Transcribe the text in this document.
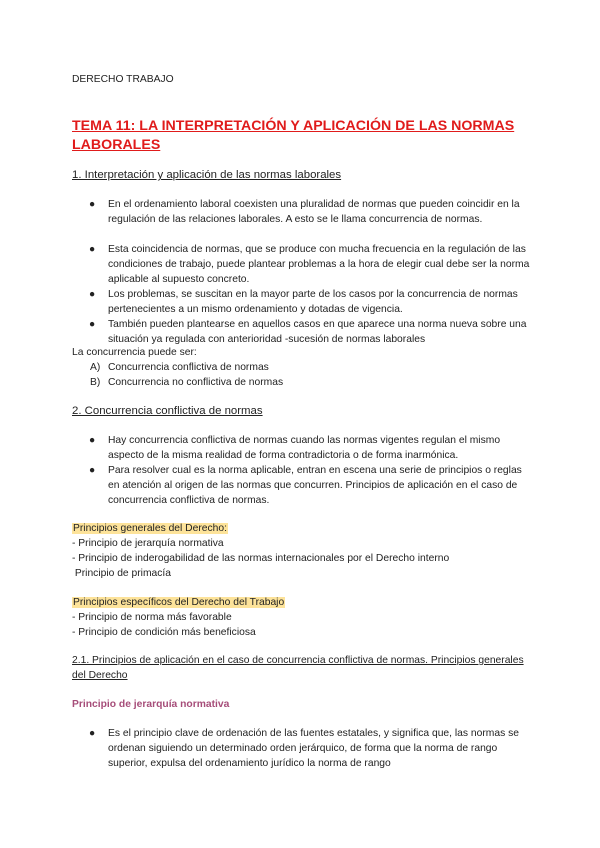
DERECHO TRABAJO
TEMA 11: LA INTERPRETACIÓN Y APLICACIÓN DE LAS NORMAS LABORALES
1. Interpretación y aplicación de las normas laborales
● En el ordenamiento laboral coexisten una pluralidad de normas que pueden coincidir en la regulación de las relaciones laborales. A esto se le llama concurrencia de normas.
● Esta coincidencia de normas, que se produce con mucha frecuencia en la regulación de las condiciones de trabajo, puede plantear problemas a la hora de elegir cual debe ser la norma aplicable al supuesto concreto.
● Los problemas, se suscitan en la mayor parte de los casos por la concurrencia de normas pertenecientes a un mismo ordenamiento y dotadas de vigencia.
● También pueden plantearse en aquellos casos en que aparece una norma nueva sobre una situación ya regulada con anterioridad -sucesión de normas laborales
La concurrencia puede ser:
A) Concurrencia conflictiva de normas
B) Concurrencia no conflictiva de normas
2. Concurrencia conflictiva de normas
● Hay concurrencia conflictiva de normas cuando las normas vigentes regulan el mismo aspecto de la misma realidad de forma contradictoria o de forma inarmónica.
● Para resolver cual es la norma aplicable, entran en escena una serie de principios o reglas en atención al origen de las normas que concurren. Principios de aplicación en el caso de concurrencia conflictiva de normas.
Principios generales del Derecho:
- Principio de jerarquía normativa
- Principio de inderogabilidad de las normas internacionales por el Derecho interno
Principio de primacía
Principios específicos del Derecho del Trabajo
- Principio de norma más favorable
- Principio de condición más beneficiosa
2.1. Principios de aplicación en el caso de concurrencia conflictiva de normas. Principios generales del Derecho
Principio de jerarquía normativa
● Es el principio clave de ordenación de las fuentes estatales, y significa que, las normas se ordenan siguiendo un determinado orden jerárquico, de forma que la norma de rango superior, expulsa del ordenamiento jurídico la norma de rango
